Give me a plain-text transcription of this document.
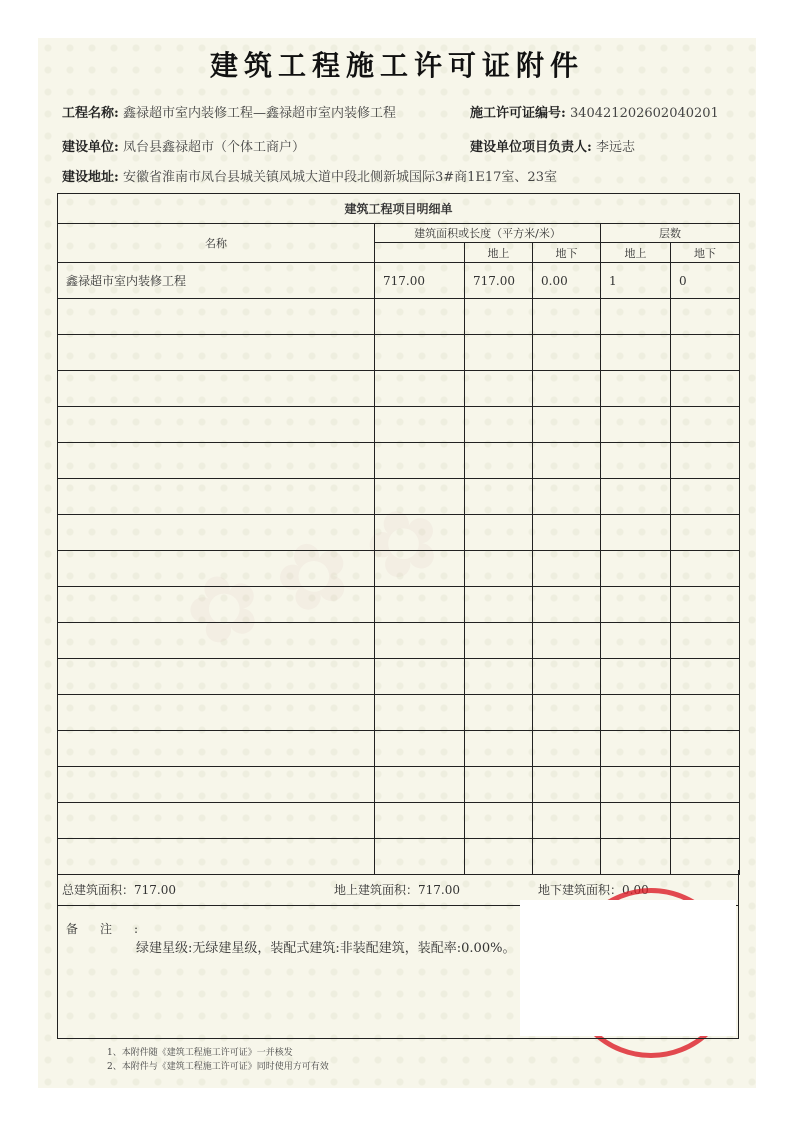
✿✿✿
建筑工程施工许可证附件
工程名称: 鑫禄超市室内装修工程—鑫禄超市室内装修工程	施工许可证编号: 340421202602040201
建设单位: 凤台县鑫禄超市（个体工商户）	建设单位项目负责人: 李远志
建设地址: 安徽省淮南市凤台县城关镇凤城大道中段北侧新城国际3#商1E17室、23室
建筑工程项目明细单					
名称	建筑面积或长度（平方米/米）			层数	
		地上	地下	地上	地下
鑫禄超市室内装修工程	717.00	717.00	0.00	1	0

总建筑面积：717.00	地上建筑面积：717.00	地下建筑面积：0.00
备注:
绿建星级:无绿建星级，装配式建筑:非装配建筑，装配率:0.00%。
1、本附件随《建筑工程施工许可证》一并核发
2、本附件与《建筑工程施工许可证》同时使用方可有效
